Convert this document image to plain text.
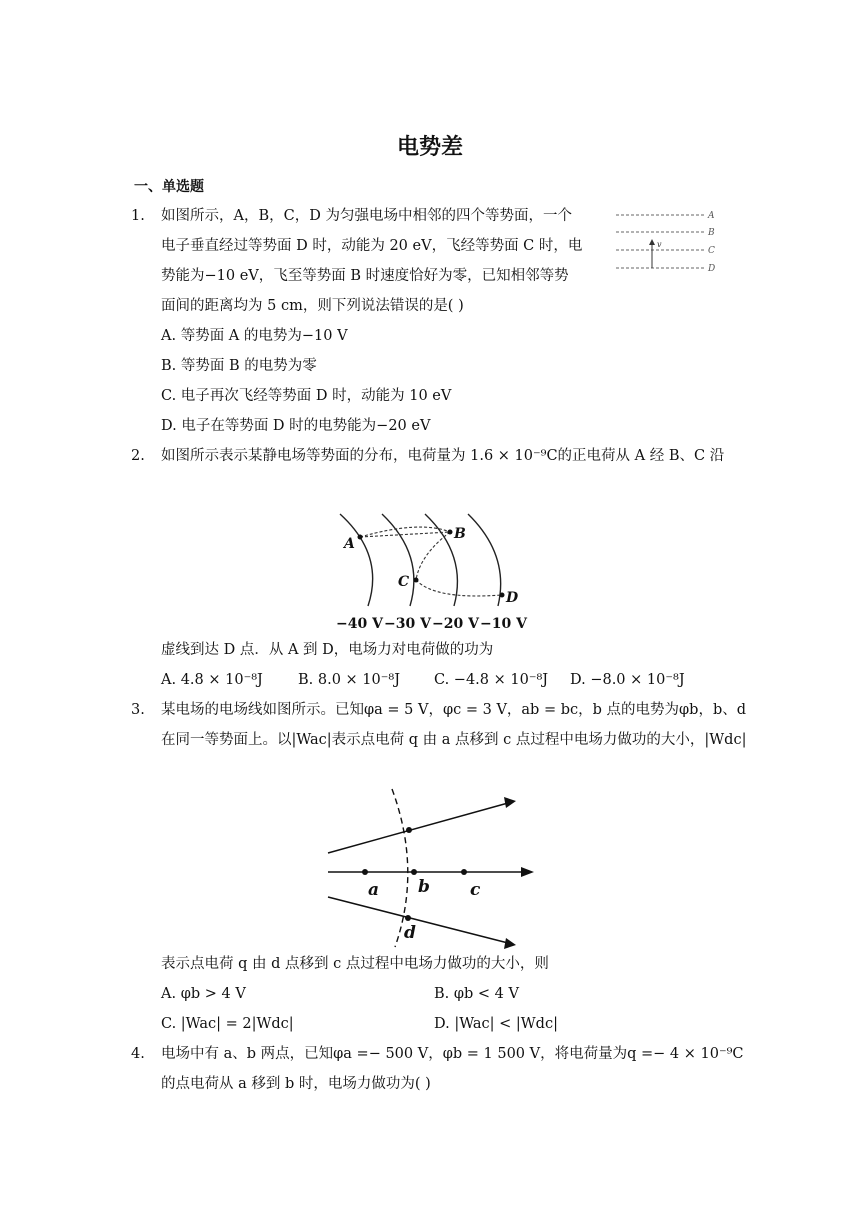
电势差
一、单选题
1. 如图所示，A，B，C，D 为匀强电场中相邻的四个等势面，一个
电子垂直经过等势面 D 时，动能为 20 eV，飞经等势面 C 时，电
势能为−10 eV，飞至等势面 B 时速度恰好为零，已知相邻等势
面间的距离均为 5 cm，则下列说法错误的是( )
A. 等势面 A 的电势为−10 V
B. 等势面 B 的电势为零
C. 电子再次飞经等势面 D 时，动能为 10 eV
D. 电子在等势面 D 时的电势能为−20 eV
v
A
B
C
D
2. 如图所示表示某静电场等势面的分布，电荷量为 1.6 × 10⁻⁹C的正电荷从 A 经 B、C 沿
A
B
C
D
−40 V −30 V −20 V −10 V
虚线到达 D 点．从 A 到 D，电场力对电荷做的功为
A. 4.8 × 10⁻⁸J B. 8.0 × 10⁻⁸J C. −4.8 × 10⁻⁸J D. −8.0 × 10⁻⁸J
3. 某电场的电场线如图所示。已知φa = 5 V，φc = 3 V，ab = bc，b 点的电势为φb，b、d
在同一等势面上。以|Wac|表示点电荷 q 由 a 点移到 c 点过程中电场力做功的大小，|Wdc|
a b c
d
表示点电荷 q 由 d 点移到 c 点过程中电场力做功的大小，则
A. φb > 4 V	B. φb < 4 V
C. |Wac| = 2|Wdc|	D. |Wac| < |Wdc|
4. 电场中有 a、b 两点，已知φa =− 500 V，φb = 1 500 V，将电荷量为q =− 4 × 10⁻⁹C
的点电荷从 a 移到 b 时，电场力做功为( )
